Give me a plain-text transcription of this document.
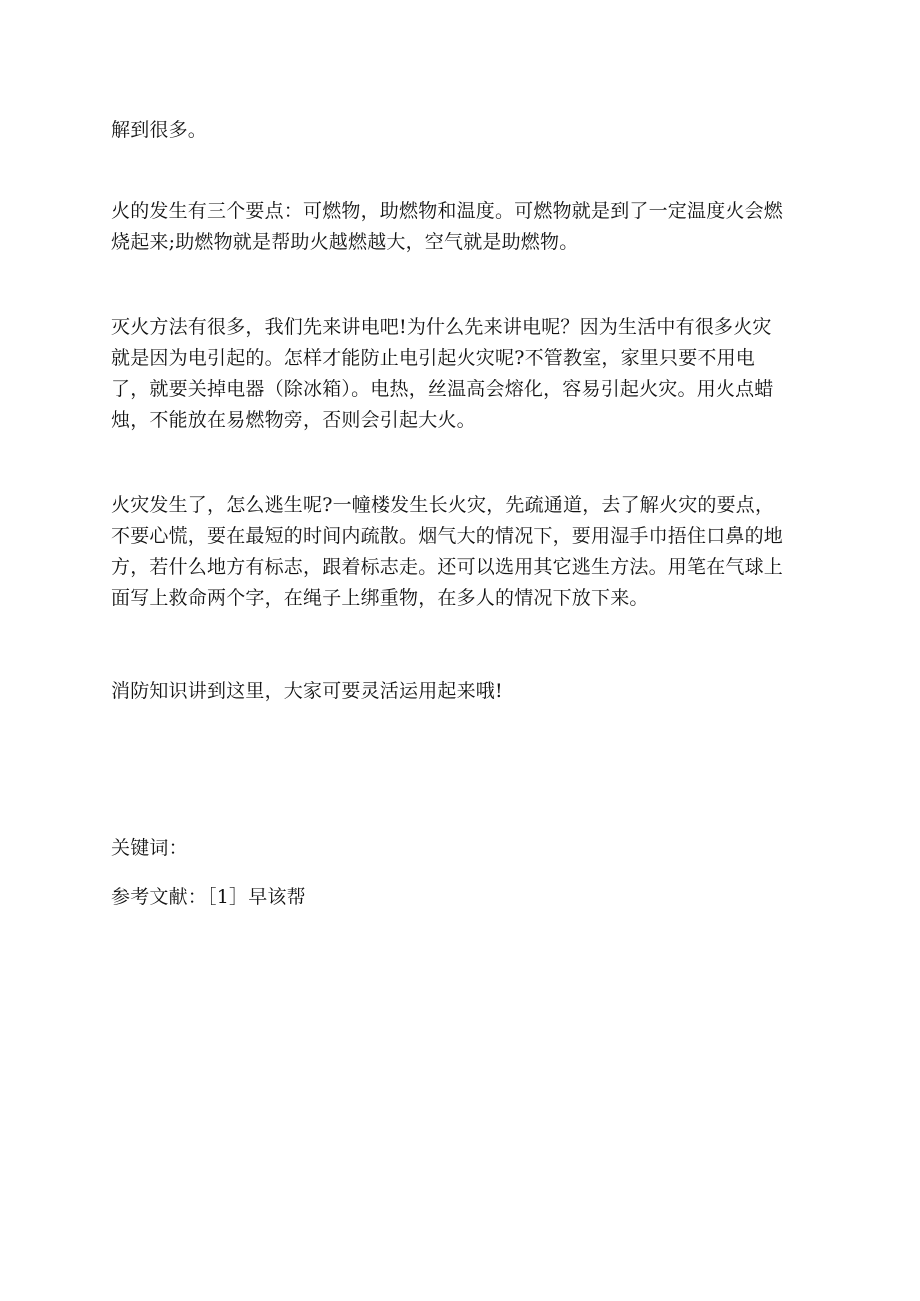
解到很多。

火的发生有三个要点：可燃物，助燃物和温度。可燃物就是到了一定温度火会燃
烧起来;助燃物就是帮助火越燃越大，空气就是助燃物。

灭火方法有很多，我们先来讲电吧!为什么先来讲电呢？因为生活中有很多火灾
就是因为电引起的。怎样才能防止电引起火灾呢?不管教室，家里只要不用电
了，就要关掉电器（除冰箱）。电热，丝温高会熔化，容易引起火灾。用火点蜡
烛，不能放在易燃物旁，否则会引起大火。

火灾发生了，怎么逃生呢?一幢楼发生长火灾，先疏通道，去了解火灾的要点，
不要心慌，要在最短的时间内疏散。烟气大的情况下，要用湿手巾捂住口鼻的地
方，若什么地方有标志，跟着标志走。还可以选用其它逃生方法。用笔在气球上
面写上救命两个字，在绳子上绑重物，在多人的情况下放下来。

消防知识讲到这里，大家可要灵活运用起来哦!

关键词：

参考文献：［1］早该帮
